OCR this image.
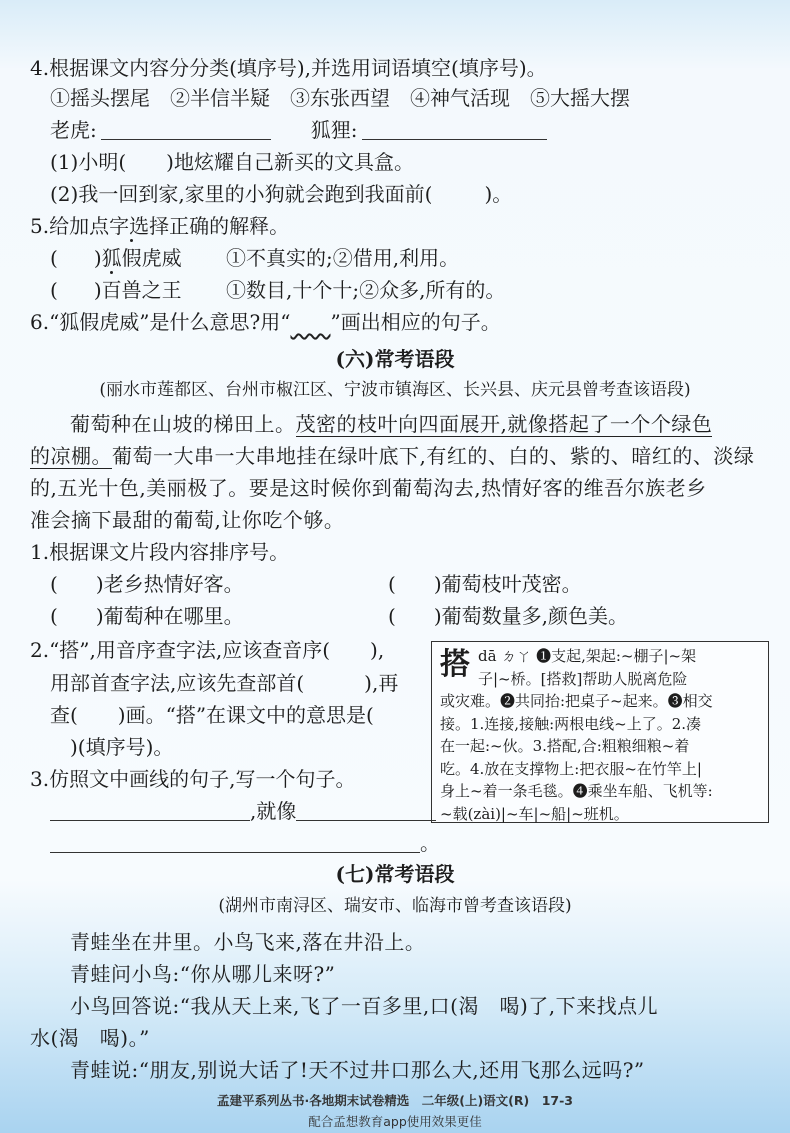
4.根据课文内容分分类(填序号),并选用词语填空(填序号)。
①摇头摆尾　②半信半疑　③东张西望　④神气活现　⑤大摇大摆
老虎:	狐狸:
(1)小明( )地炫耀自己新买的文具盒。
(2)我一回到家,家里的小狗就会跑到我面前(	)。
5.给加点字选择正确的解释。
( )狐假虎威 ①不真实的;②借用,利用。
( )百兽之王 ①数目,十个十;②众多,所有的。
6.“狐假虎威”是什么意思?用“　　 ”画出相应的句子。
(六)常考语段
(丽水市莲都区、台州市椒江区、宁波市镇海区、长兴县、庆元县曾考查该语段)
葡萄种在山坡的梯田上。茂密的枝叶向四面展开,就像搭起了一个个绿色
的凉棚。葡萄一大串一大串地挂在绿叶底下,有红的、白的、紫的、暗红的、淡绿
的,五光十色,美丽极了。要是这时候你到葡萄沟去,热情好客的维吾尔族老乡
准会摘下最甜的葡萄,让你吃个够。
1.根据课文片段内容排序号。
( )老乡热情好客。	( )葡萄枝叶茂密。
( )葡萄种在哪里。	( )葡萄数量多,颜色美。
2.“搭”,用音序查字法,应该查音序(　　),
用部首查字法,应该先查部首(　　　),再
查(　　)画。“搭”在课文中的意思是(
)(填序号)。
搭 dā ㄉㄚ ❶支起,架起:~棚子|~架
子|~桥。[搭救]帮助人脱离危险
或灾难。❷共同抬:把桌子~起来。❸相交
接。1.连接,接触:两根电线~上了。2.凑
在一起:~伙。3.搭配,合:粗粮细粮~着
吃。4.放在支撑物上:把衣服~在竹竿上|
身上~着一条毛毯。❹乘坐车船、飞机等:
~载(zài)|~车|~船|~班机。
3.仿照文中画线的句子,写一个句子。
,就像
。
(七)常考语段
(湖州市南浔区、瑞安市、临海市曾考查该语段)
青蛙坐在井里。小鸟飞来,落在井沿上。
青蛙问小鸟:“你从哪儿来呀?”
小鸟回答说:“我从天上来,飞了一百多里,口(渴　喝)了,下来找点儿
水(渴　喝)。”
青蛙说:“朋友,别说大话了!天不过井口那么大,还用飞那么远吗?”
孟建平系列丛书·各地期末试卷精选　二年级(上)语文(R)　17-3
配合孟想教育app使用效果更佳
